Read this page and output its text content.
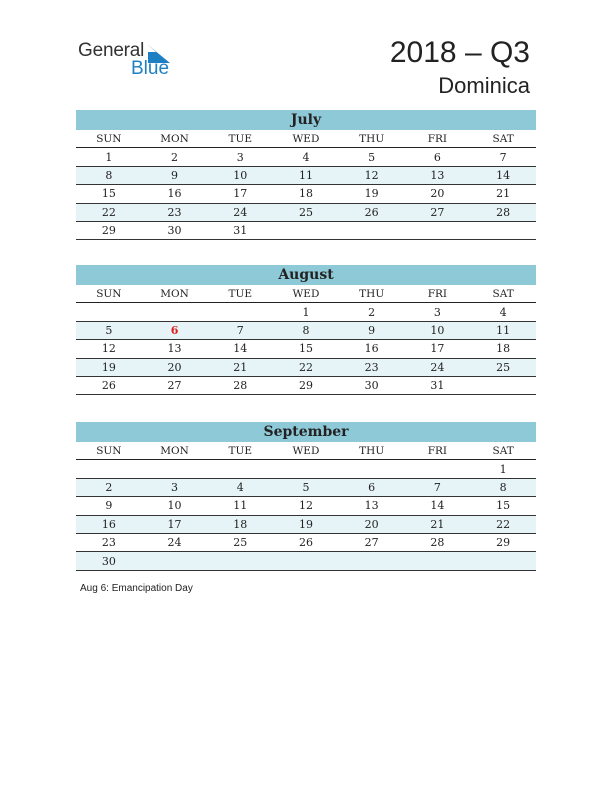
General
Blue	2018 – Q3
Dominica
July
SUN	MON	TUE	WED	THU	FRI	SAT
1	2	3	4	5	6	7
8	9	10	11	12	13	14
15	16	17	18	19	20	21
22	23	24	25	26	27	28
29	30	31				
August
SUN	MON	TUE	WED	THU	FRI	SAT
			1	2	3	4
5	6	7	8	9	10	11
12	13	14	15	16	17	18
19	20	21	22	23	24	25
26	27	28	29	30	31	
September
SUN	MON	TUE	WED	THU	FRI	SAT
						1
2	3	4	5	6	7	8
9	10	11	12	13	14	15
16	17	18	19	20	21	22
23	24	25	26	27	28	29
30						
Aug 6: Emancipation Day
